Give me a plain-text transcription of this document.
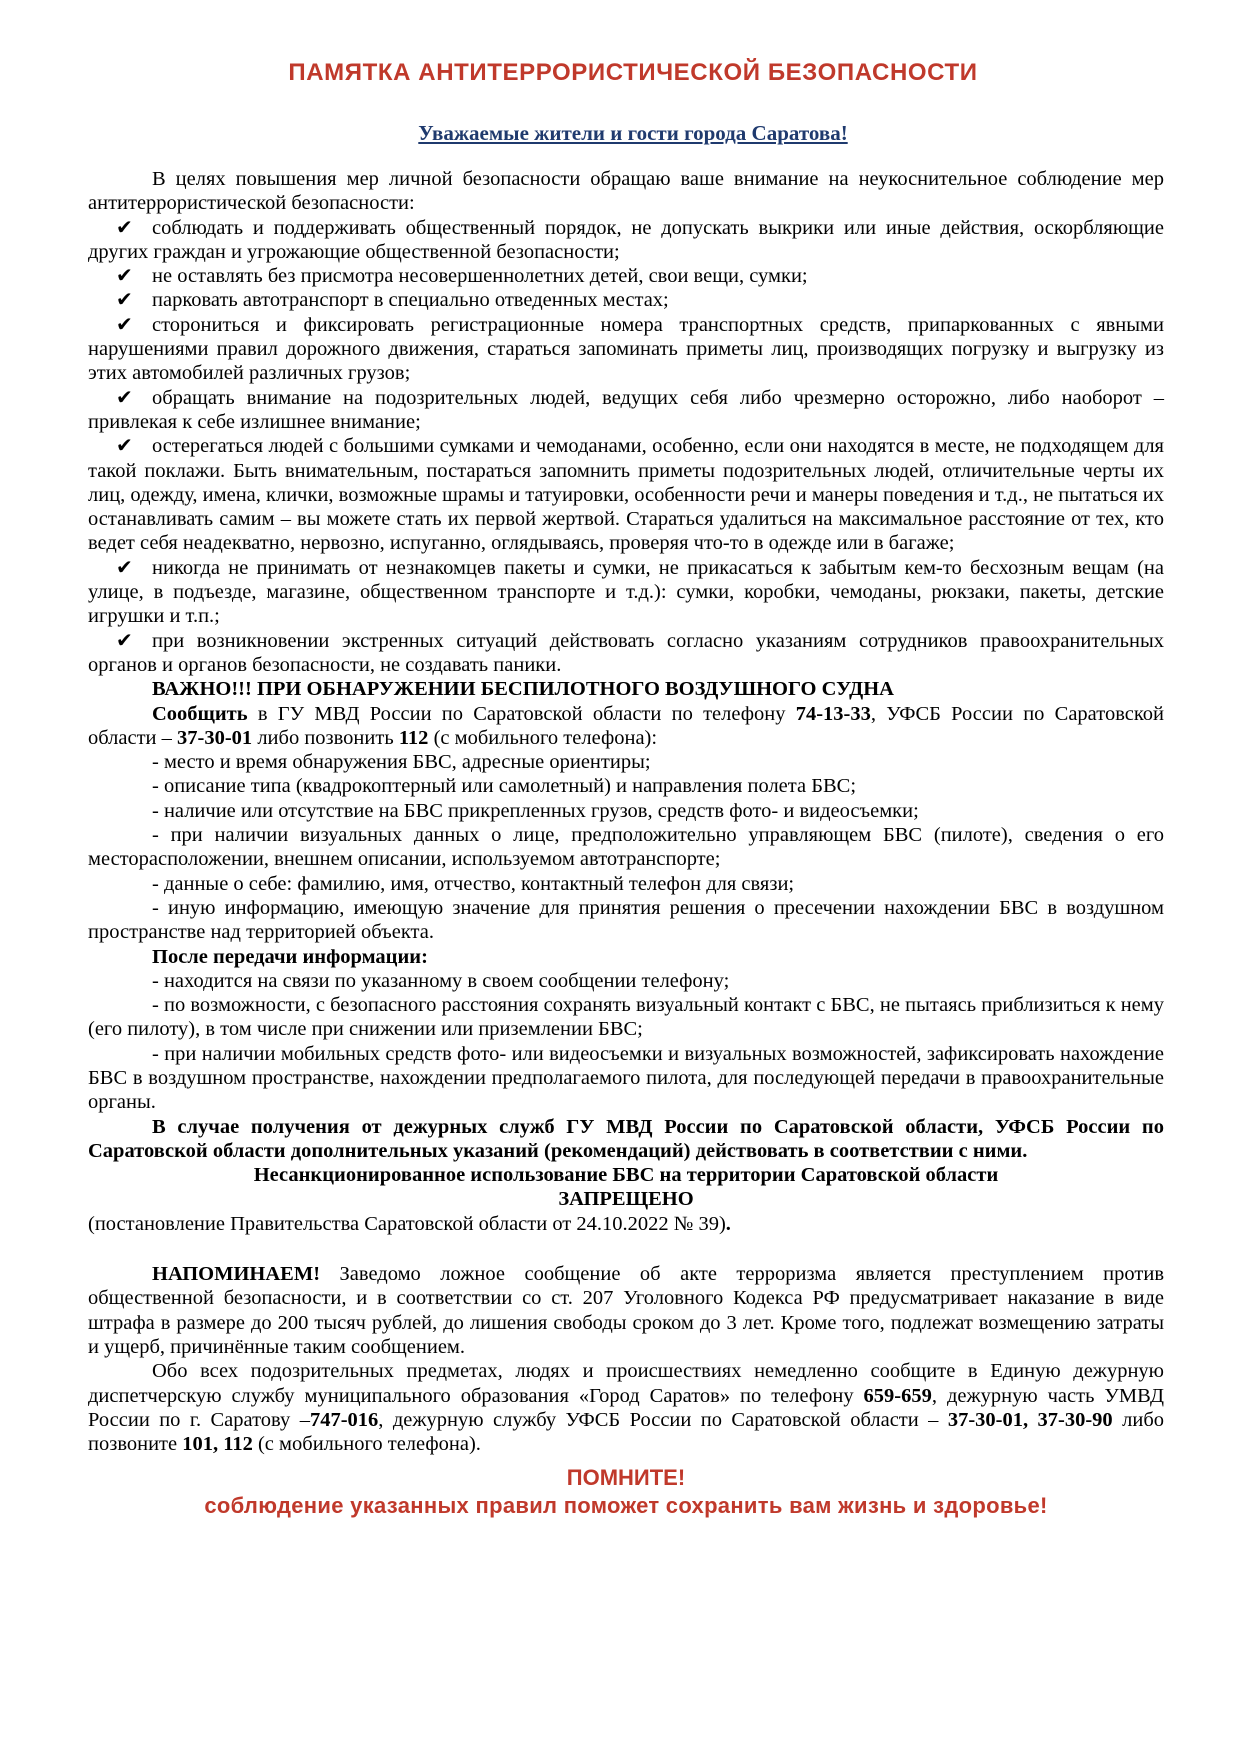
ПАМЯТКА АНТИТЕРРОРИСТИЧЕСКОЙ БЕЗОПАСНОСТИ
Уважаемые жители и гости города Саратова!

В целях повышения мер личной безопасности обращаю ваше внимание на неукоснительное соблюдение мер антитеррористической безопасности:

✔ соблюдать и поддерживать общественный порядок, не допускать выкрики или иные действия, оскорбляющие других граждан и угрожающие общественной безопасности;
✔ не оставлять без присмотра несовершеннолетних детей, свои вещи, сумки;
✔ парковать автотранспорт в специально отведенных местах;
✔ сторониться и фиксировать регистрационные номера транспортных средств, припаркованных с явными нарушениями правил дорожного движения, стараться запоминать приметы лиц, производящих погрузку и выгрузку из этих автомобилей различных грузов;
✔ обращать внимание на подозрительных людей, ведущих себя либо чрезмерно осторожно, либо наоборот – привлекая к себе излишнее внимание;
✔ остерегаться людей с большими сумками и чемоданами, особенно, если они находятся в месте, не подходящем для такой поклажи. Быть внимательным, постараться запомнить приметы подозрительных людей, отличительные черты их лиц, одежду, имена, клички, возможные шрамы и татуировки, особенности речи и манеры поведения и т.д., не пытаться их останавливать самим – вы можете стать их первой жертвой. Стараться удалиться на максимальное расстояние от тех, кто ведет себя неадекватно, нервозно, испуганно, оглядываясь, проверяя что-то в одежде или в багаже;
✔ никогда не принимать от незнакомцев пакеты и сумки, не прикасаться к забытым кем-то бесхозным вещам (на улице, в подъезде, магазине, общественном транспорте и т.д.): сумки, коробки, чемоданы, рюкзаки, пакеты, детские игрушки и т.п.;
✔ при возникновении экстренных ситуаций действовать согласно указаниям сотрудников правоохранительных органов и органов безопасности, не создавать паники.

ВАЖНО!!! ПРИ ОБНАРУЖЕНИИ БЕСПИЛОТНОГО ВОЗДУШНОГО СУДНА

Сообщить в ГУ МВД России по Саратовской области по телефону 74-13-33, УФСБ России по Саратовской области – 37-30-01 либо позвонить 112 (с мобильного телефона):

- место и время обнаружения БВС, адресные ориентиры;

- описание типа (квадрокоптерный или самолетный) и направления полета БВС;

- наличие или отсутствие на БВС прикрепленных грузов, средств фото- и видеосъемки;

- при наличии визуальных данных о лице, предположительно управляющем БВС (пилоте), сведения о его месторасположении, внешнем описании, используемом автотранспорте;

- данные о себе: фамилию, имя, отчество, контактный телефон для связи;

- иную информацию, имеющую значение для принятия решения о пресечении нахождении БВС в воздушном пространстве над территорией объекта.

После передачи информации:

- находится на связи по указанному в своем сообщении телефону;

- по возможности, с безопасного расстояния сохранять визуальный контакт с БВС, не пытаясь приблизиться к нему (его пилоту), в том числе при снижении или приземлении БВС;

- при наличии мобильных средств фото- или видеосъемки и визуальных возможностей, зафиксировать нахождение БВС в воздушном пространстве, нахождении предполагаемого пилота, для последующей передачи в правоохранительные органы.

В случае получения от дежурных служб ГУ МВД России по Саратовской области, УФСБ России по Саратовской области дополнительных указаний (рекомендаций) действовать в соответствии с ними.

Несанкционированное использование БВС на территории Саратовской области

ЗАПРЕЩЕНО

(постановление Правительства Саратовской области от 24.10.2022 № 39).

НАПОМИНАЕМ! Заведомо ложное сообщение об акте терроризма является преступлением против общественной безопасности, и в соответствии со ст. 207 Уголовного Кодекса РФ предусматривает наказание в виде штрафа в размере до 200 тысяч рублей, до лишения свободы сроком до 3 лет. Кроме того, подлежат возмещению затраты и ущерб, причинённые таким сообщением.

Обо всех подозрительных предметах, людях и происшествиях немедленно сообщите в Единую дежурную диспетчерскую службу муниципального образования «Город Саратов» по телефону 659-659, дежурную часть УМВД России по г. Саратову –747-016, дежурную службу УФСБ России по Саратовской области – 37-30-01, 37-30-90 либо позвоните 101, 112 (с мобильного телефона).

ПОМНИТЕ!
соблюдение указанных правил поможет сохранить вам жизнь и здоровье!
